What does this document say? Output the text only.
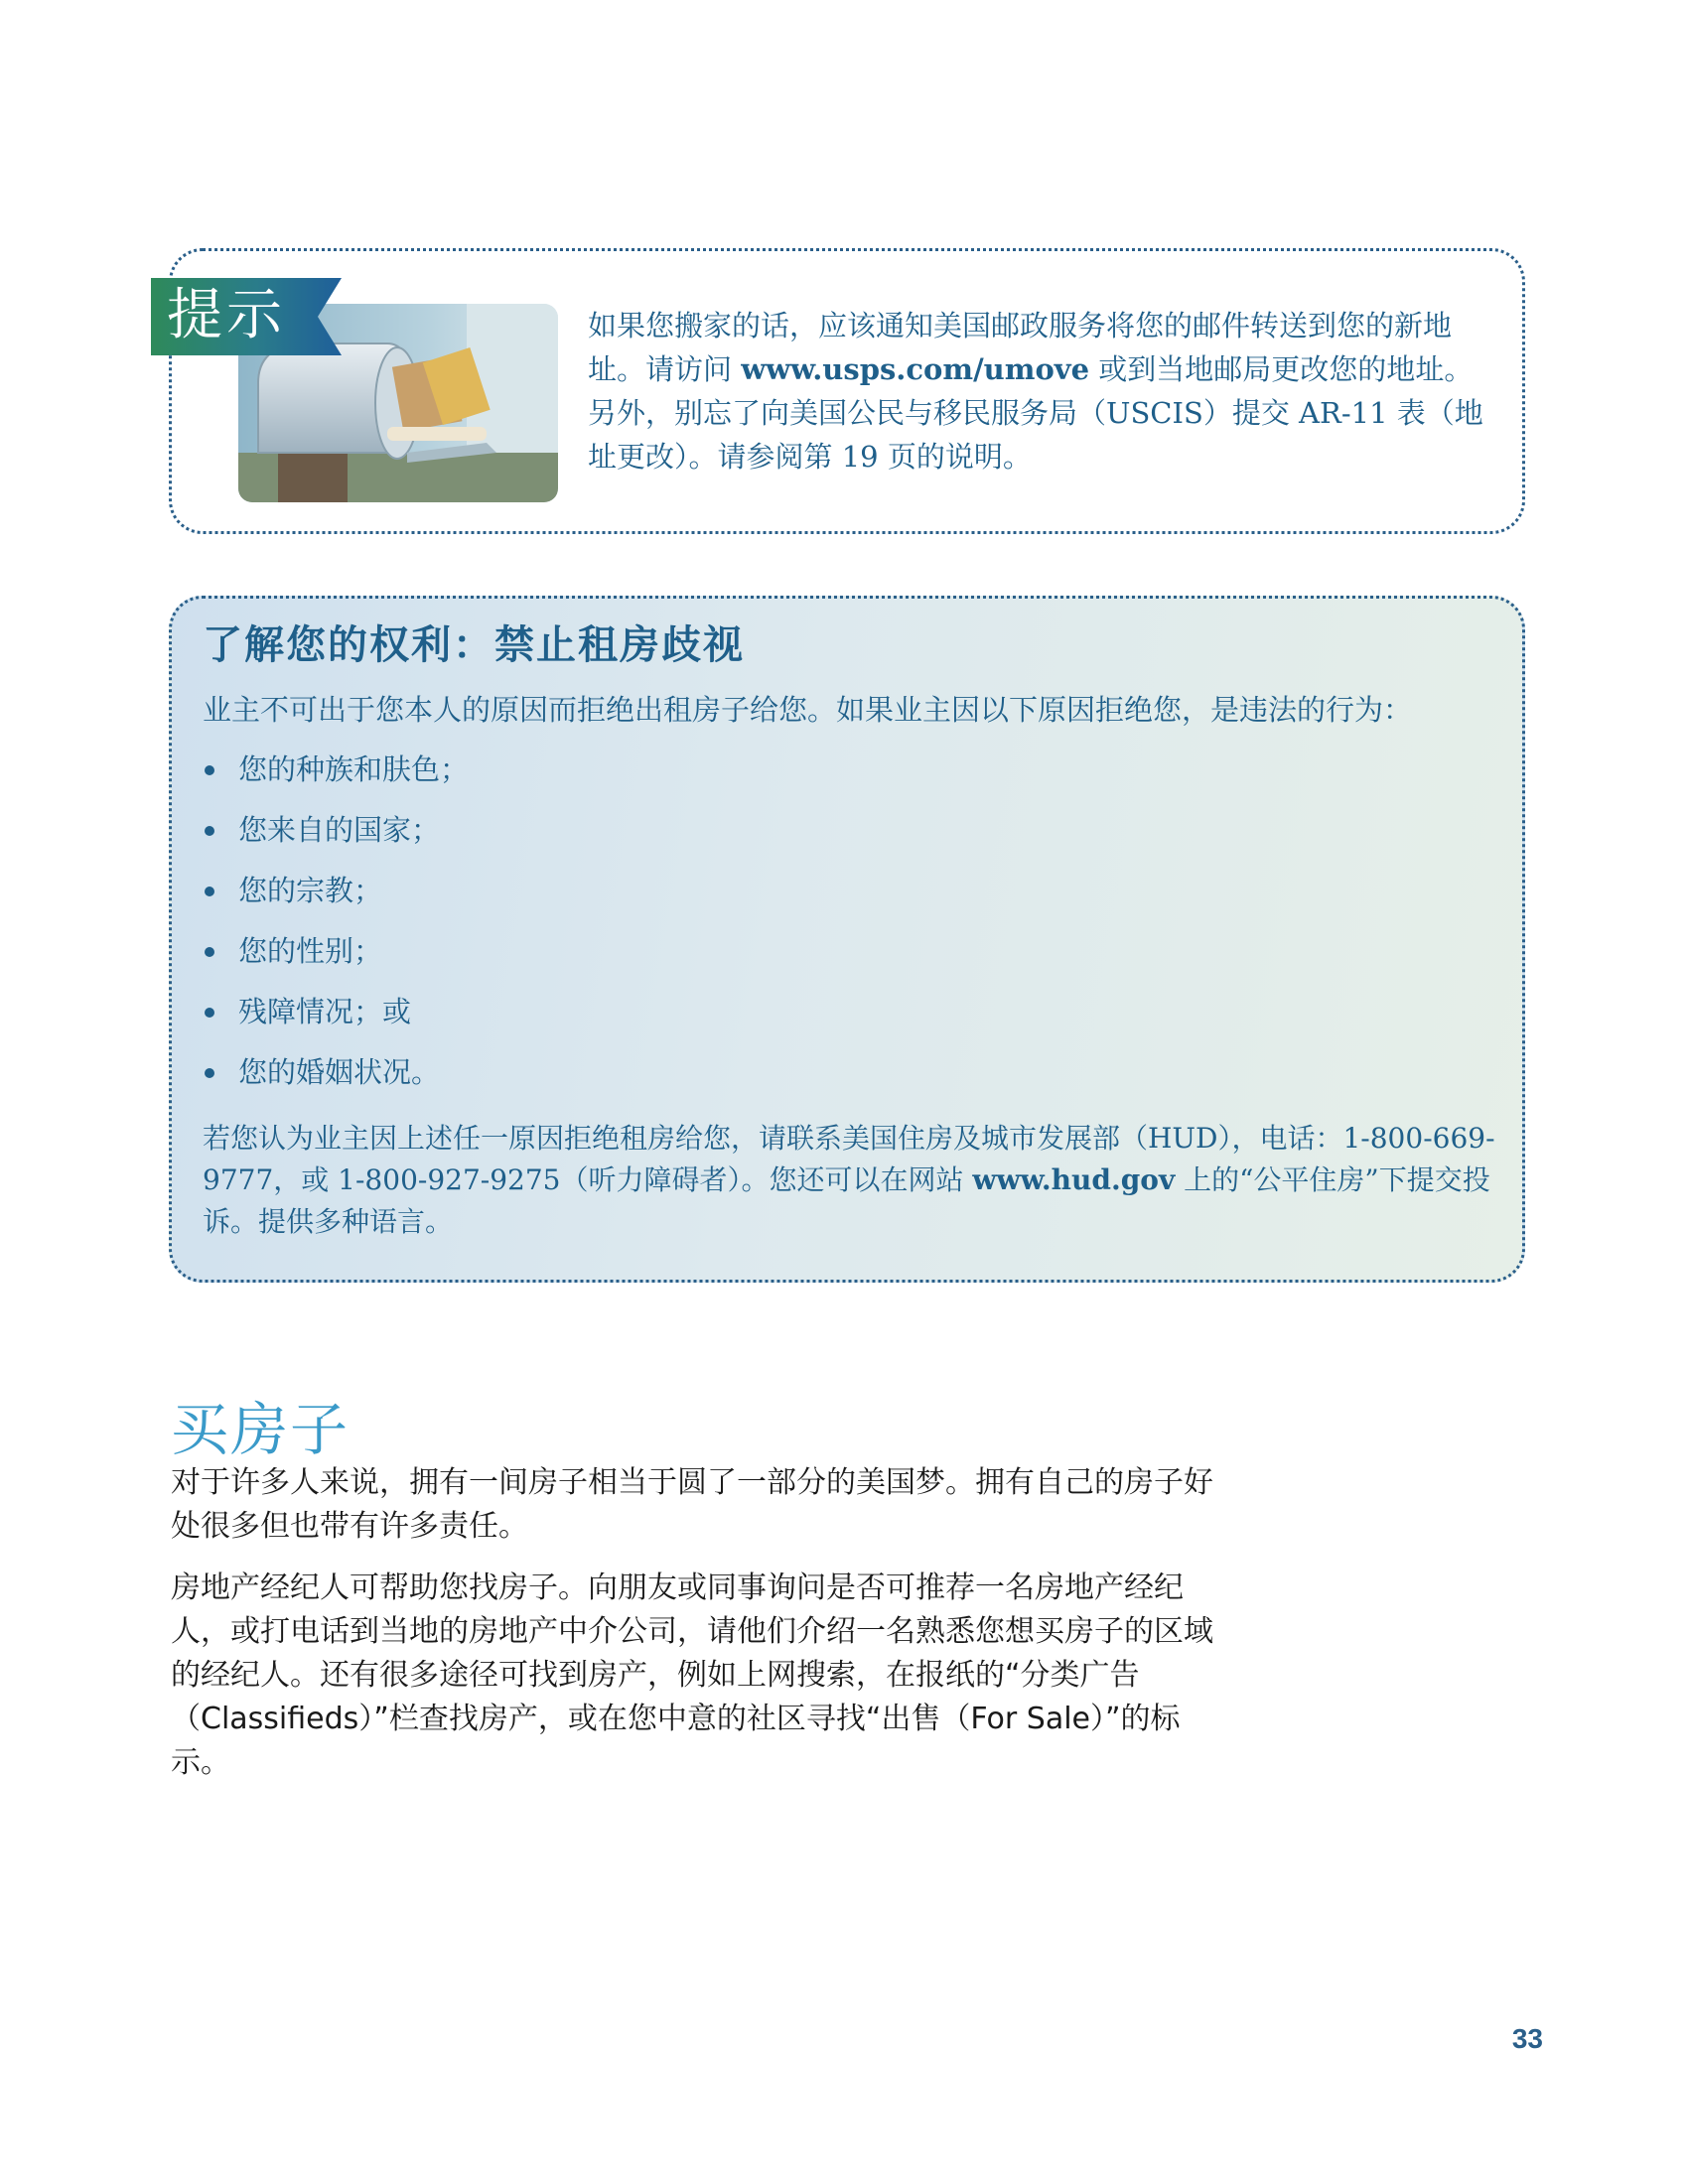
提示	如果您搬家的话，应该通知美国邮政服务将您的邮件转送到您的新地址。请访问 www.usps.com/umove 或到当地邮局更改您的地址。另外，别忘了向美国公民与移民服务局（USCIS）提交 AR-11 表（地址更改）。请参阅第 19 页的说明。
了解您的权利：禁止租房歧视
业主不可出于您本人的原因而拒绝出租房子给您。如果业主因以下原因拒绝您，是违法的行为：
您的种族和肤色；
您来自的国家；
您的宗教；
您的性别；
残障情况；或
您的婚姻状况。
若您认为业主因上述任一原因拒绝租房给您，请联系美国住房及城市发展部（HUD），电话：1-800-669-9777，或 1-800-927-9275（听力障碍者）。您还可以在网站 www.hud.gov 上的“公平住房”下提交投诉。提供多种语言。
买房子

对于许多人来说，拥有一间房子相当于圆了一部分的美国梦。拥有自己的房子好处很多但也带有许多责任。

房地产经纪人可帮助您找房子。向朋友或同事询问是否可推荐一名房地产经纪人，或打电话到当地的房地产中介公司，请他们介绍一名熟悉您想买房子的区域的经纪人。还有很多途径可找到房产，例如上网搜索，在报纸的“分类广告（Classifieds）”栏查找房产，或在您中意的社区寻找“出售（For Sale）”的标示。

33
